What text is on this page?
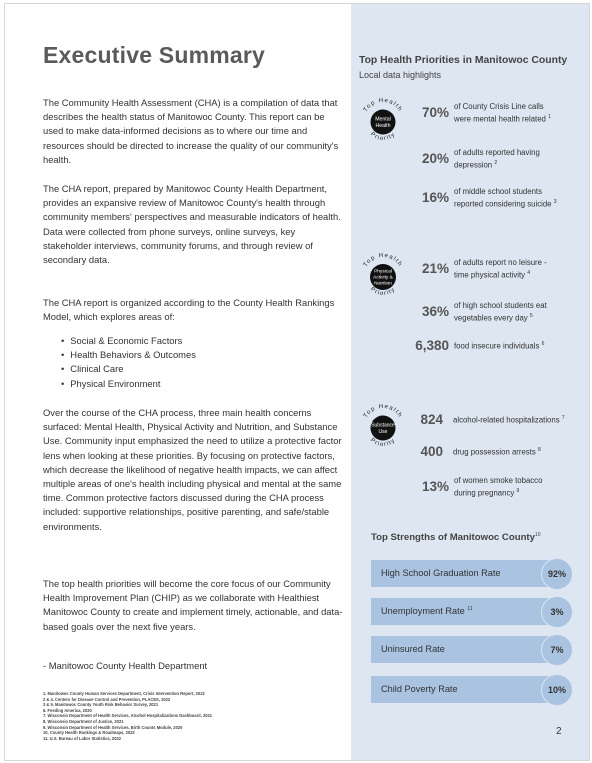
Executive Summary

The Community Health Assessment (CHA) is a compilation of data that describes the health status of Manitowoc County. This report can be used to make data-informed decisions as to where our time and resources should be directed to increase the quality of our community's health.

The CHA report, prepared by Manitowoc County Health Department, provides an expansive review of Manitowoc County's health through community members' perspectives and measurable indicators of health. Data were collected from phone surveys, online surveys, key stakeholder interviews, community forums, and through review of secondary data.

The CHA report is organized according to the County Health Rankings Model, which explores areas of:

• Social & Economic Factors
• Health Behaviors & Outcomes
• Clinical Care
• Physical Environment

Over the course of the CHA process, three main health concerns surfaced: Mental Health, Physical Activity and Nutrition, and Substance Use. Community input emphasized the need to utilize a protective factor lens when looking at these priorities. By focusing on protective factors, which decrease the likelihood of negative health impacts, we can affect multiple areas of one's health including physical and mental at the same time. Common protective factors discussed during the CHA process included: supportive relationships, positive parenting, and safe/stable environments.

The top health priorities will become the core focus of our Community Health Improvement Plan (CHIP) as we collaborate with Healthiest Manitowoc County to create and implement timely, actionable, and data-based goals over the next five years.

- Manitowoc County Health Department
1. Manitowoc County Human Services Department, Crisis Intervention Report, 2022
2 & 4. Centers for Disease Control and Prevention, PLACES, 2022
3 & 5. Manitowoc County Youth Risk Behavior Survey, 2021
6. Feeding America, 2020
7. Wisconsin Department of Health Services, Alcohol Hospitalizations Dashboard, 2021
8. Wisconsin Department of Justice, 2021
9. Wisconsin Department of Health Services, Birth Counts Module, 2020
10. County Health Rankings & Roadmaps, 2022
11. U.S. Bureau of Labor Statistics, 2022
Top Health Priorities in Manitowoc County
Local data highlights
Top Health
Priority
Mental
Health
70% of County Crisis Line calls
were mental health related $^1$
20% of adults reported having
depression $^2$
16% of middle school students
reported considering suicide $^3$
Top Health
Priority
Physical
Activity &
Nutrition
21% of adults report no leisure -
time physical activity $^4$
36% of high school students eat
vegetables every day $^5$
6,380 food insecure individuals $^6$
Top Health
Priority
Substance
Use
824 alcohol-related hospitalizations $^7$
400 drug possession arrests $^8$
13% of women smoke tobacco
during pregnancy $^9$
Top Strengths of Manitowoc County$^{10}$
High School Graduation Rate	92%
Unemployment Rate $^{11}$	3%
Uninsured Rate	7%
Child Poverty Rate	10%
2
